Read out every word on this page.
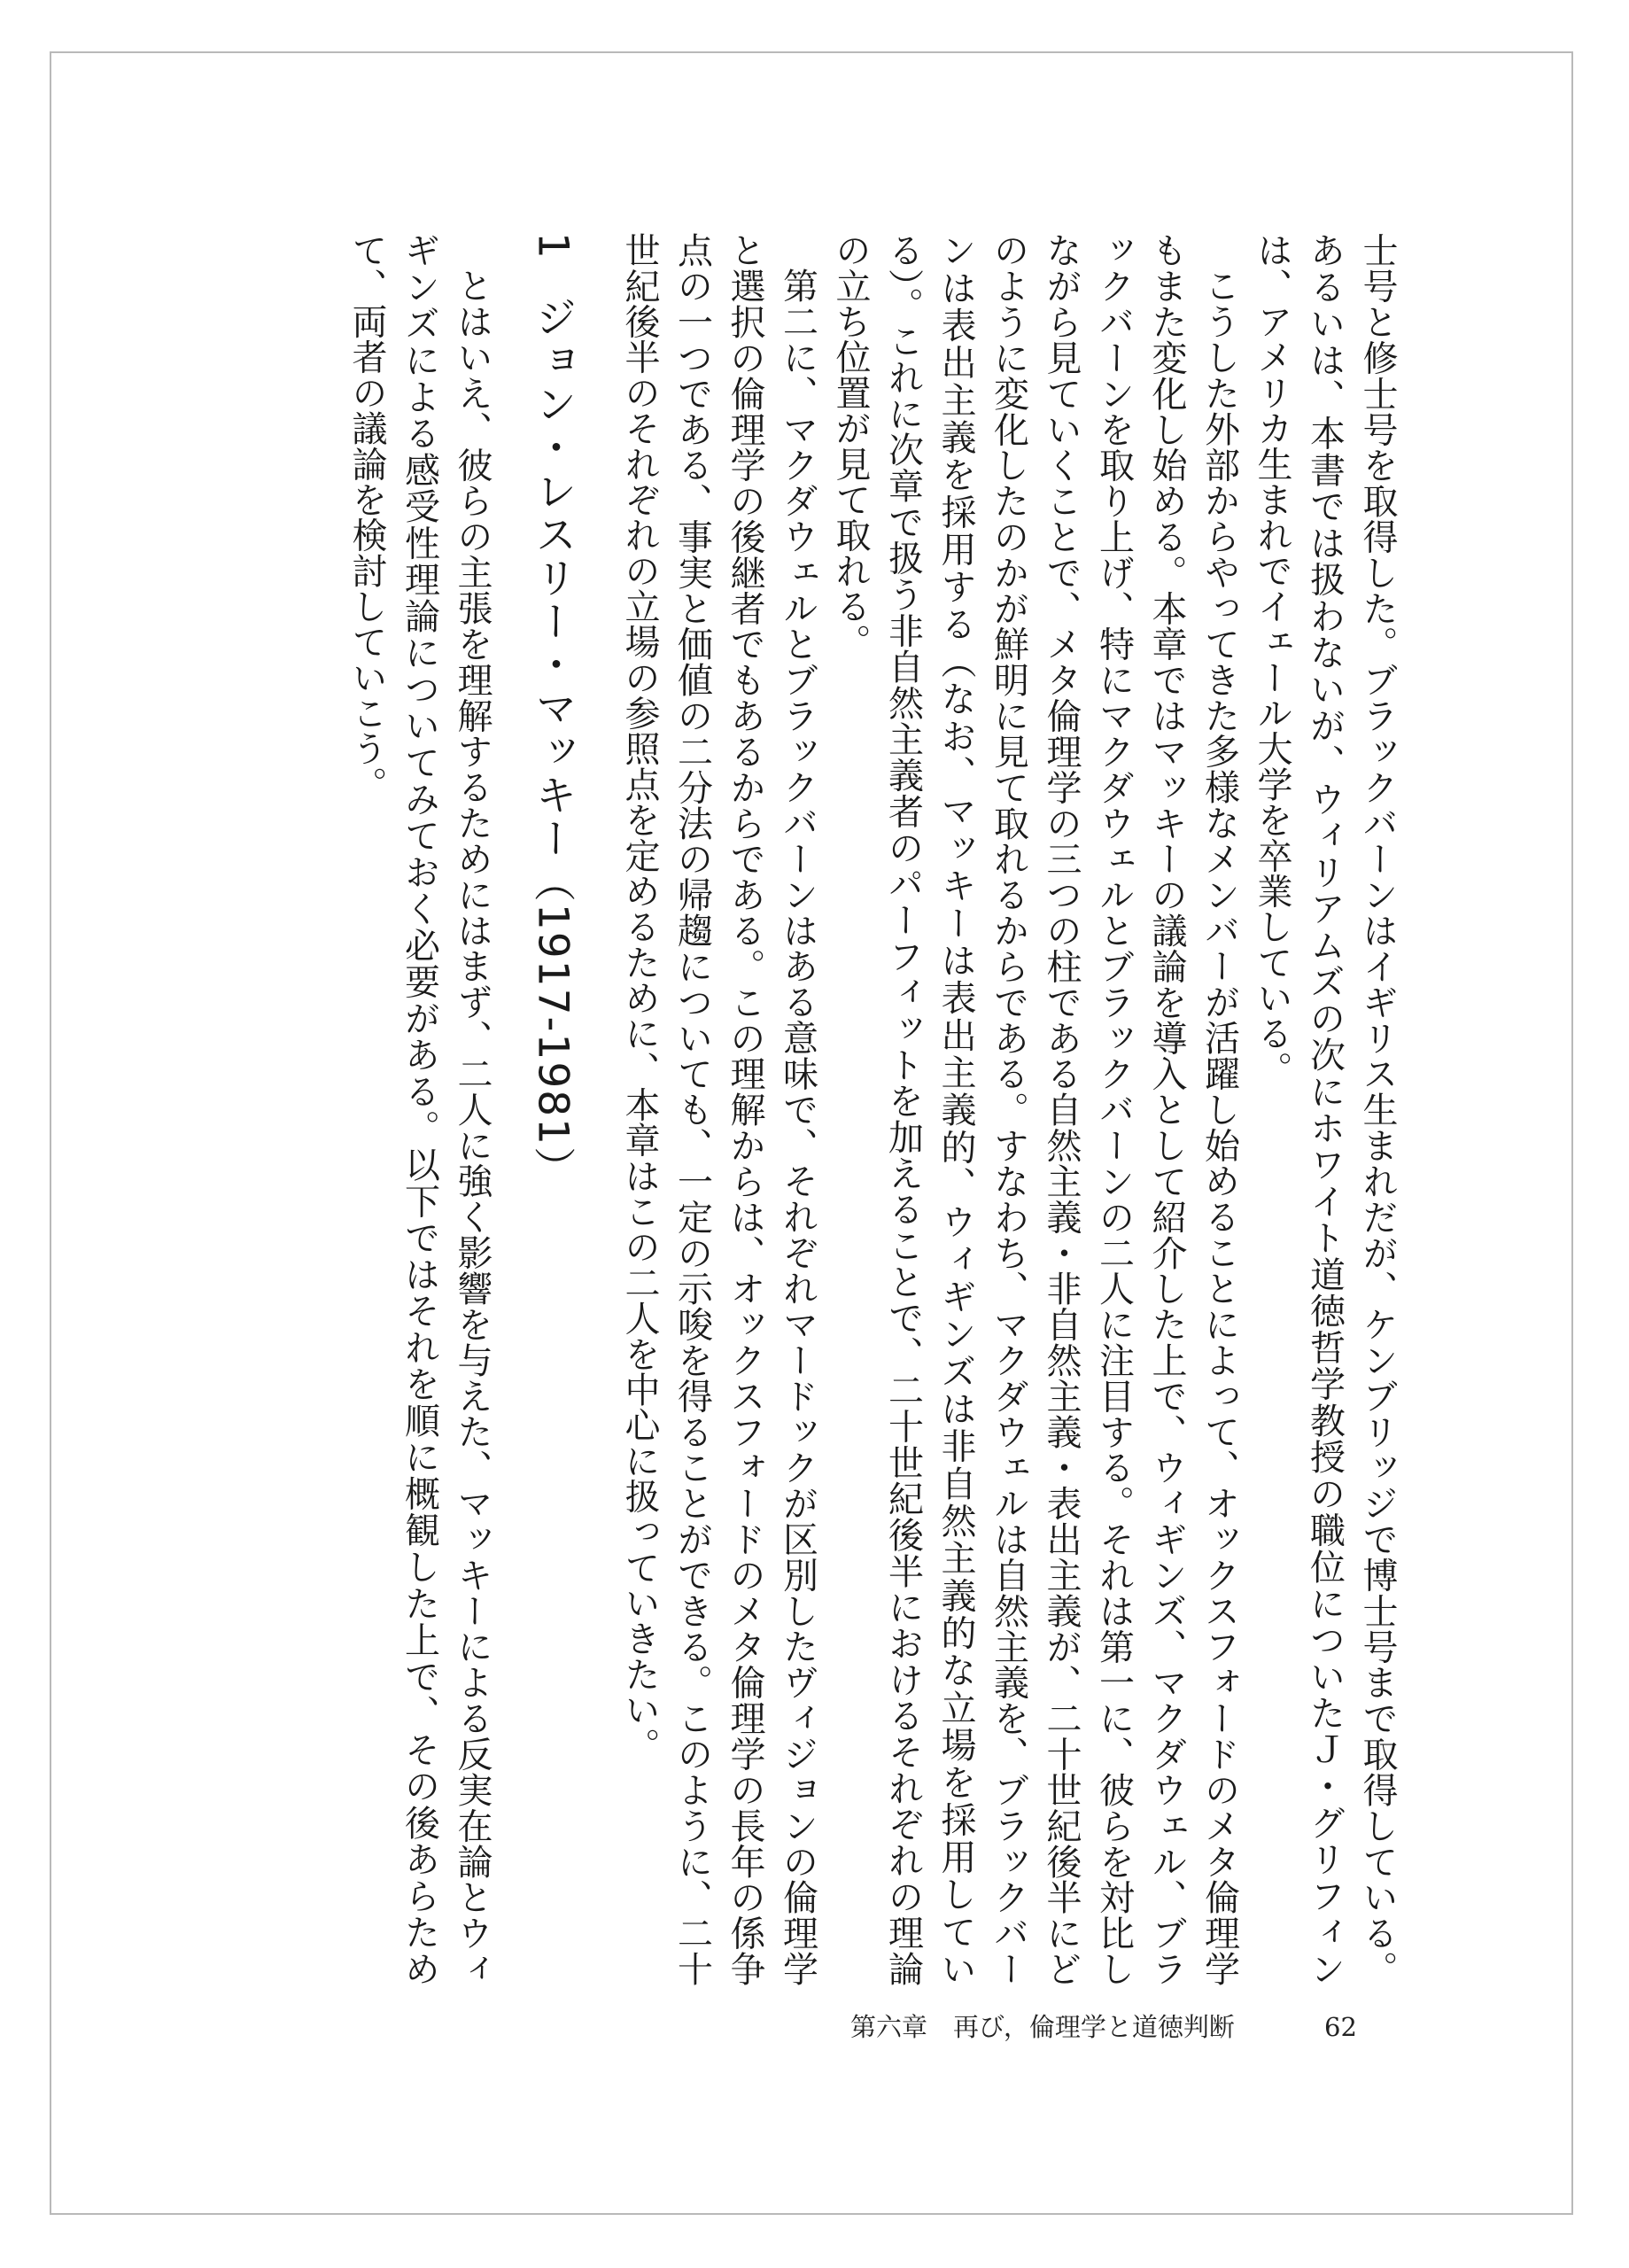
士号と修士号を取得した。ブラックバーンはイギリス生まれだが、ケンブリッジで博士号まで取得している。あるいは、本書では扱わないが、ウィリアムズの次にホワイト道徳哲学教授の職位についたＪ・グリフィンは、アメリカ生まれでイェール大学を卒業している。

こうした外部からやってきた多様なメンバーが活躍し始めることによって、オックスフォードのメタ倫理学もまた変化し始める。本章ではマッキーの議論を導入として紹介した上で、ウィギンズ、マクダウェル、ブラックバーンを取り上げ、特にマクダウェルとブラックバーンの二人に注目する。それは第一に、彼らを対比しながら見ていくことで、メタ倫理学の三つの柱である自然主義・非自然主義・表出主義が、二十世紀後半にどのように変化したのかが鮮明に見て取れるからである。すなわち、マクダウェルは自然主義を、ブラックバーンは表出主義を採用する（なお、マッキーは表出主義的、ウィギンズは非自然主義的な立場を採用している）。これに次章で扱う非自然主義者のパーフィットを加えることで、二十世紀後半におけるそれぞれの理論の立ち位置が見て取れる。

第二に、マクダウェルとブラックバーンはある意味で、それぞれマードックが区別したヴィジョンの倫理学と選択の倫理学の後継者でもあるからである。この理解からは、オックスフォードのメタ倫理学の長年の係争点の一つである、事実と価値の二分法の帰趨についても、一定の示唆を得ることができる。このように、二十世紀後半のそれぞれの立場の参照点を定めるために、本章はこの二人を中心に扱っていきたい。

1ジョン・レスリー・マッキー（1917-1981）

とはいえ、彼らの主張を理解するためにはまず、二人に強く影響を与えた、マッキーによる反実在論とウィギンズによる感受性理論についてみておく必要がある。以下ではそれを順に概観した上で、その後あらためて、両者の議論を検討していこう。

第六章　再び，倫理学と道徳判断	62
